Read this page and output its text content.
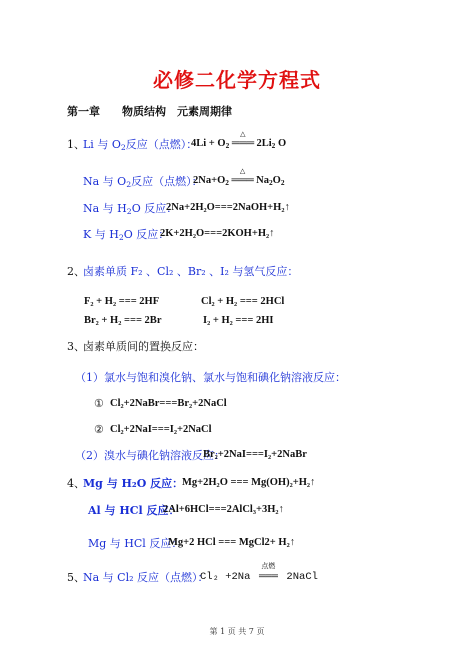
必修二化学方程式
第一章　　物质结构　元素周期律
1、
Li 与 $O_2$反应（点燃）：
$4Li + O_2$
△
═══ $2Li_2$ O
Na 与 $O_2$反应（点燃）：
$2Na+O_2$
△
═══ $Na_2O_2$
Na 与 $H_2O$ 反应：
2Na+2H₂O===2NaOH+H₂↑
K 与 $H_2O$ 反应：
2K+2H₂O===2KOH+H₂↑
2、
卤素单质 F₂ 、Cl₂ 、Br₂ 、I₂ 与氢气反应：
F₂ + H₂ === 2HF	Cl₂ + H₂ === 2HCl
Br₂ + H₂ === 2Br	I₂ + H₂ === 2HI
3、
卤素单质间的置换反应：
（1）氯水与饱和溴化钠、氯水与饱和碘化钠溶液反应：
① Cl₂+2NaBr===Br₂+2NaCl
② Cl₂+2NaI===I₂+2NaCl
（2）溴水与碘化钠溶液反应：
Br₂+2NaI===I₂+2NaBr
4、
Mg 与 H₂O 反应：
Mg+2H₂O === Mg(OH)₂+H₂↑
Al 与 HCl 反应：
2Al+6HCl===2AlCl₃+3H₂↑
Mg 与 HCl 反应：
Mg+2 HCl === MgCl2+ H₂↑
5、
Na 与 Cl₂ 反应（点燃）：
Cl₂ +2Na
点燃
═══ 2NaCl
第 1 页 共 7 页
